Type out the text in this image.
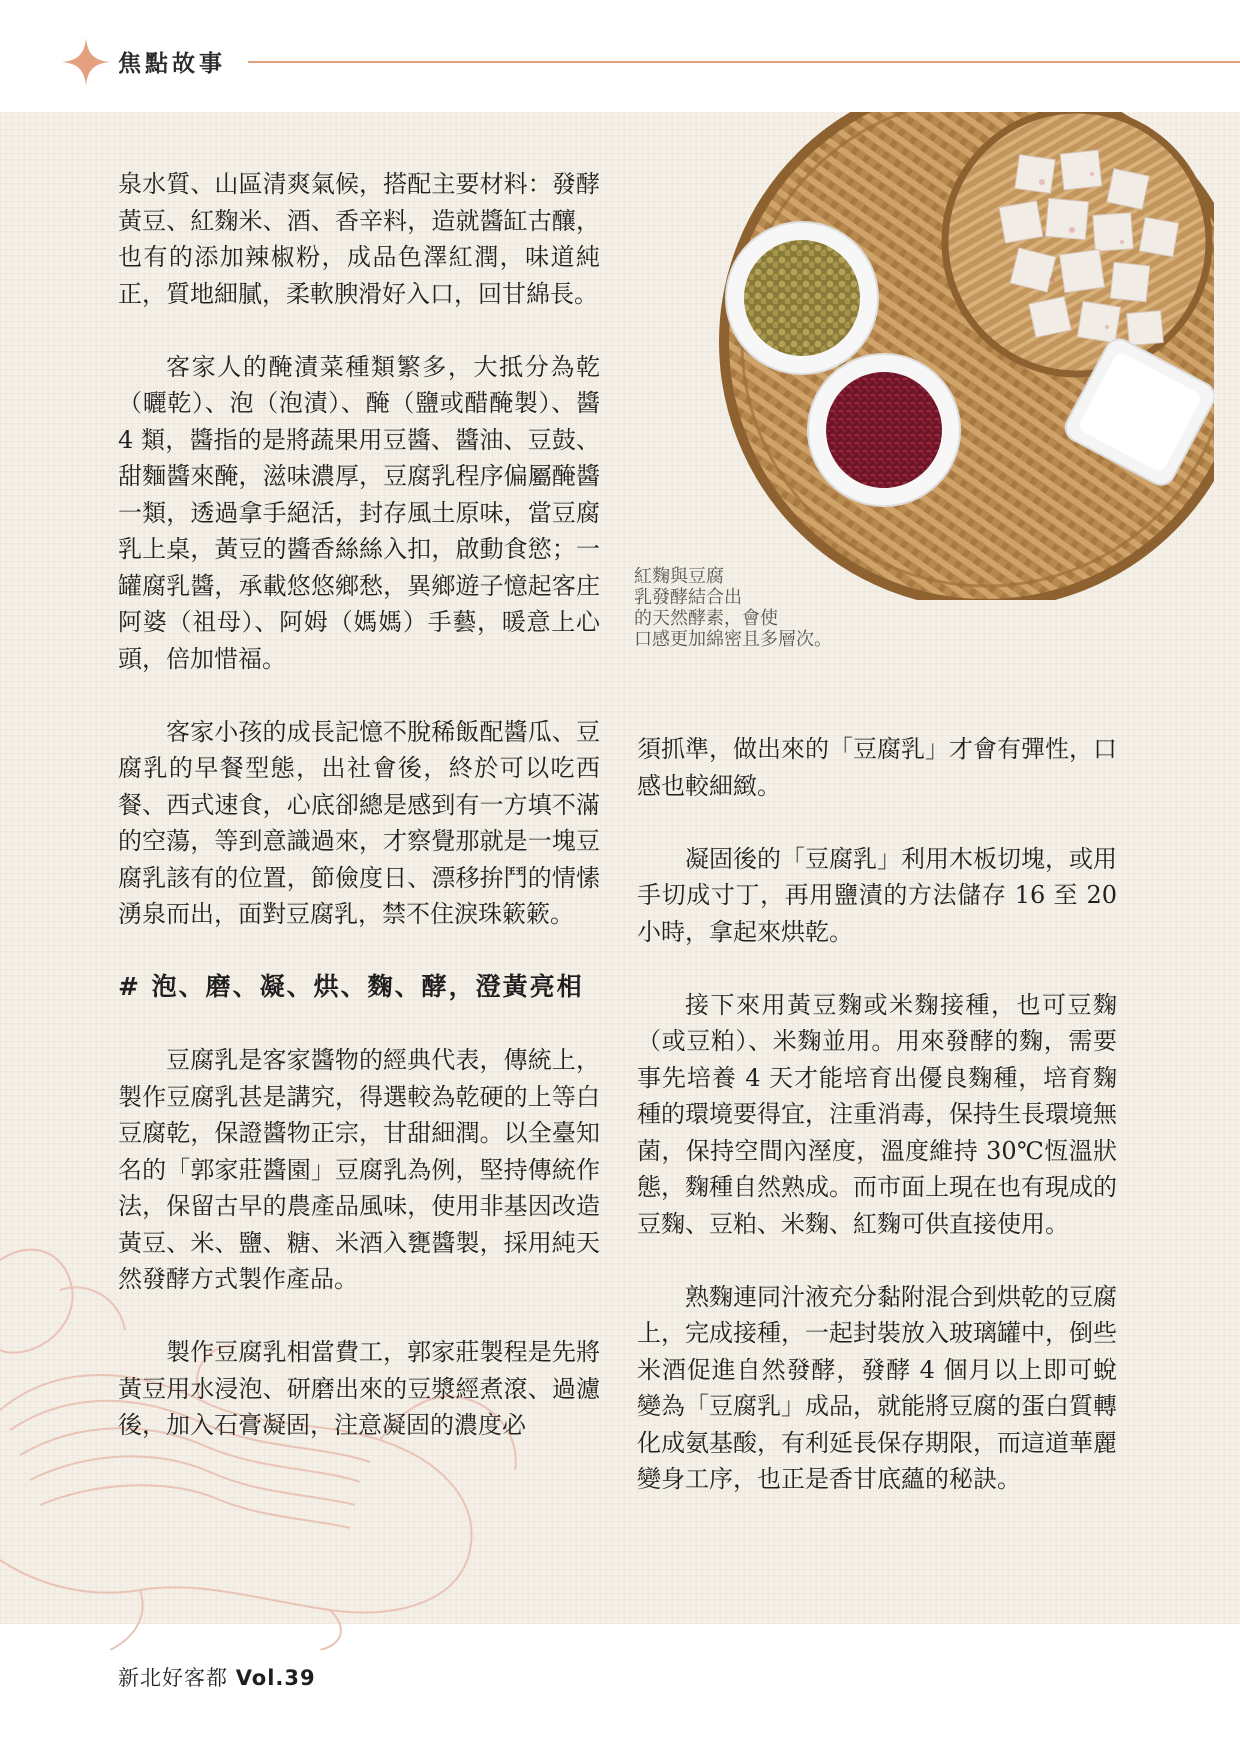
焦點故事
紅麴與豆腐
乳發酵結合出
的天然酵素，會使
口感更加綿密且多層次。

泉水質、山區清爽氣候，搭配主要材料：發酵黃豆、紅麴米、酒、香辛料，造就醬缸古釀，也有的添加辣椒粉，成品色澤紅潤，味道純正，質地細膩，柔軟腴滑好入口，回甘綿長。

客家人的醃漬菜種類繁多，大抵分為乾（曬乾）、泡（泡漬）、醃（鹽或醋醃製）、醬 4 類，醬指的是將蔬果用豆醬、醬油、豆鼓、甜麵醬來醃，滋味濃厚，豆腐乳程序偏屬醃醬一類，透過拿手絕活，封存風土原味，當豆腐乳上桌，黃豆的醬香絲絲入扣，啟動食慾；一罐腐乳醬，承載悠悠鄉愁，異鄉遊子憶起客庄阿婆（祖母）、阿姆（媽媽）手藝，暖意上心頭，倍加惜福。

客家小孩的成長記憶不脫稀飯配醬瓜、豆腐乳的早餐型態，出社會後，終於可以吃西餐、西式速食，心底卻總是感到有一方填不滿的空蕩，等到意識過來，才察覺那就是一塊豆腐乳該有的位置，節儉度日、漂移拚鬥的情愫湧泉而出，面對豆腐乳，禁不住淚珠簌簌。

# 泡、磨、凝、烘、麴、酵，澄黃亮相

豆腐乳是客家醬物的經典代表，傳統上，製作豆腐乳甚是講究，得選較為乾硬的上等白豆腐乾，保證醬物正宗，甘甜細潤。以全臺知名的「郭家莊醬園」豆腐乳為例，堅持傳統作法，保留古早的農產品風味，使用非基因改造黃豆、米、鹽、糖、米酒入甕醬製，採用純天然發酵方式製作產品。

製作豆腐乳相當費工，郭家莊製程是先將黃豆用水浸泡、研磨出來的豆漿經煮滾、過濾後，加入石膏凝固，注意凝固的濃度必

須抓準，做出來的「豆腐乳」才會有彈性，口感也較細緻。

凝固後的「豆腐乳」利用木板切塊，或用手切成寸丁，再用鹽漬的方法儲存 16 至 20 小時，拿起來烘乾。

接下來用黃豆麴或米麴接種，也可豆麴（或豆粕）、米麴並用。用來發酵的麴，需要事先培養 4 天才能培育出優良麴種，培育麴種的環境要得宜，注重消毒，保持生長環境無菌，保持空間內溼度，溫度維持 30℃恆溫狀態，麴種自然熟成。而市面上現在也有現成的豆麴、豆粕、米麴、紅麴可供直接使用。

熟麴連同汁液充分黏附混合到烘乾的豆腐上，完成接種，一起封裝放入玻璃罐中，倒些米酒促進自然發酵，發酵 4 個月以上即可蛻變為「豆腐乳」成品，就能將豆腐的蛋白質轉化成氨基酸，有利延長保存期限，而這道華麗變身工序，也正是香甘底蘊的秘訣。

新北好客都 Vol.39
